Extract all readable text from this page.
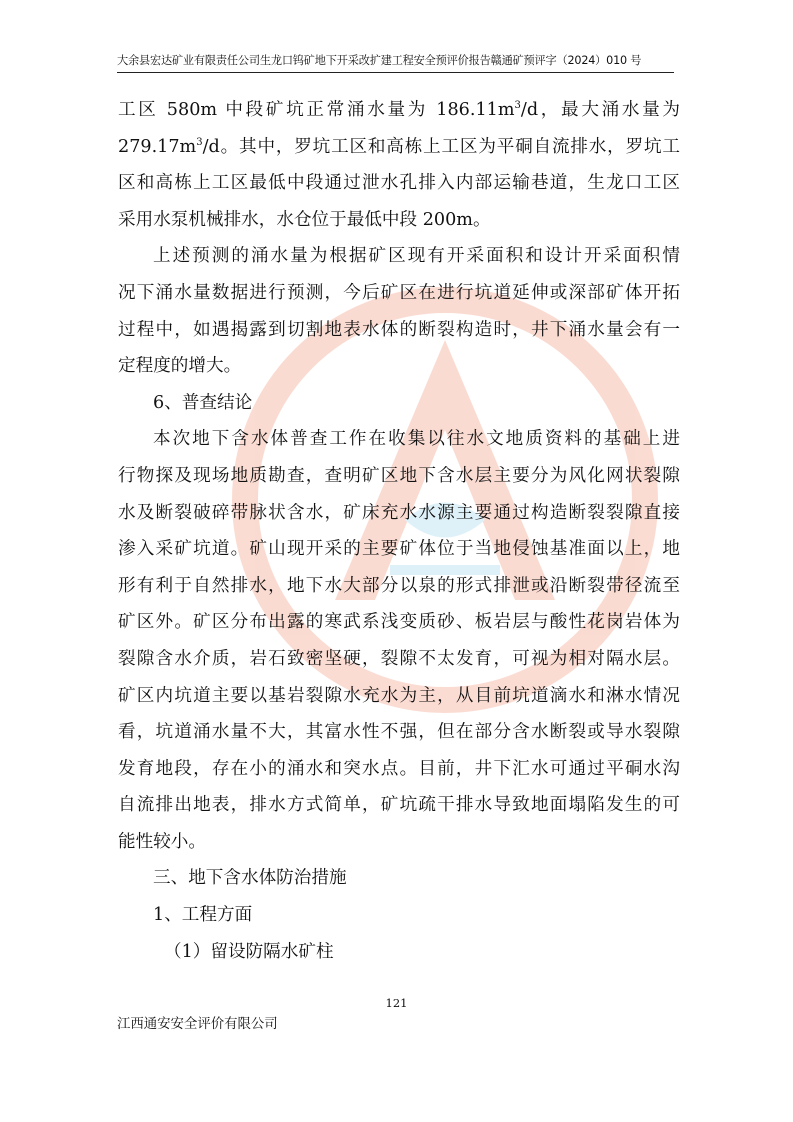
大余县宏达矿业有限责任公司生龙口钨矿地下开采改扩建工程安全预评价报告赣通矿预评字（2024）010 号
工区 580m 中段矿坑正常涌水量为 $186.11m^3/d$，最大涌水量为
$279.17m^3/d$。其中，罗坑工区和高栋上工区为平硐自流排水，罗坑工
区和高栋上工区最低中段通过泄水孔排入内部运输巷道，生龙口工区
采用水泵机械排水，水仓位于最低中段 200m。
上述预测的涌水量为根据矿区现有开采面积和设计开采面积情
况下涌水量数据进行预测，今后矿区在进行坑道延伸或深部矿体开拓
过程中，如遇揭露到切割地表水体的断裂构造时，井下涌水量会有一
定程度的增大。
6、普查结论
本次地下含水体普查工作在收集以往水文地质资料的基础上进
行物探及现场地质勘查，查明矿区地下含水层主要分为风化网状裂隙
水及断裂破碎带脉状含水，矿床充水水源主要通过构造断裂裂隙直接
渗入采矿坑道。矿山现开采的主要矿体位于当地侵蚀基准面以上，地
形有利于自然排水，地下水大部分以泉的形式排泄或沿断裂带径流至
矿区外。矿区分布出露的寒武系浅变质砂、板岩层与酸性花岗岩体为
裂隙含水介质，岩石致密坚硬，裂隙不太发育，可视为相对隔水层。
矿区内坑道主要以基岩裂隙水充水为主，从目前坑道滴水和淋水情况
看，坑道涌水量不大，其富水性不强，但在部分含水断裂或导水裂隙
发育地段，存在小的涌水和突水点。目前，井下汇水可通过平硐水沟
自流排出地表，排水方式简单，矿坑疏干排水导致地面塌陷发生的可
能性较小。
三、地下含水体防治措施
1、工程方面
（1）留设防隔水矿柱
121
江西通安安全评价有限公司
